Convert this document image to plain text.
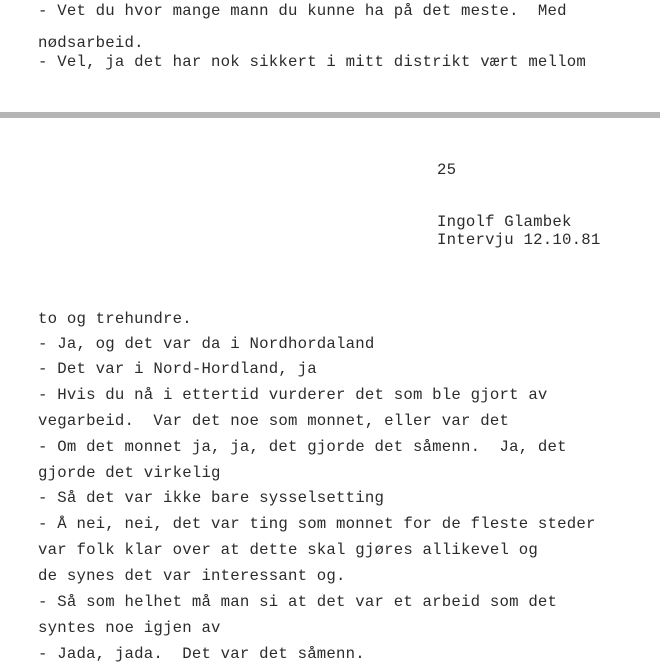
- Vet du hvor mange mann du kunne ha på det meste.  Med
nødsarbeid.
- Vel, ja det har nok sikkert i mitt distrikt vært mellom
25
Ingolf Glambek
Intervju 12.10.81
to og trehundre.
- Ja, og det var da i Nordhordaland
- Det var i Nord-Hordland, ja
- Hvis du nå i ettertid vurderer det som ble gjort av
vegarbeid.  Var det noe som monnet, eller var det
- Om det monnet ja, ja, det gjorde det såmenn.  Ja, det
gjorde det virkelig
- Så det var ikke bare sysselsetting
- Å nei, nei, det var ting som monnet for de fleste steder
var folk klar over at dette skal gjøres allikevel og
de synes det var interessant og.
- Så som helhet må man si at det var et arbeid som det
syntes noe igjen av
- Jada, jada.  Det var det såmenn.
